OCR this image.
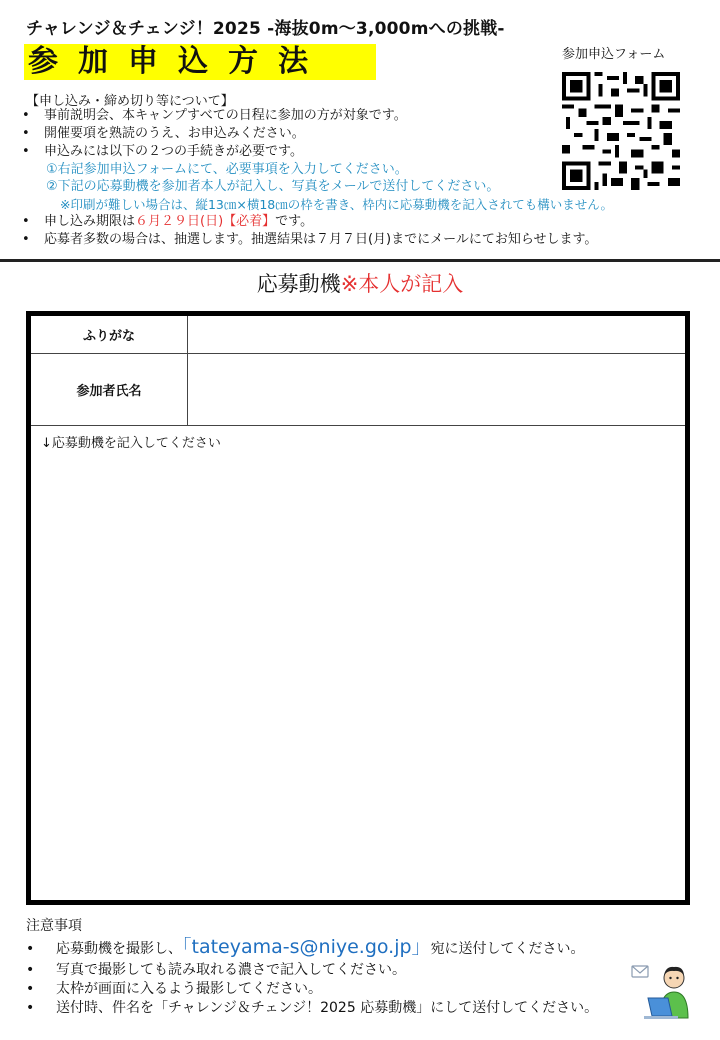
チャレンジ＆チェンジ！2025 -海抜0m～3,000mへの挑戦-
参加申込方法	参加申込フォーム
【申し込み・締め切り等について】
• 事前説明会、本キャンプすべての日程に参加の方が対象です。
• 開催要項を熟読のうえ、お申込みください。
• 申込みには以下の２つの手続きが必要です。
①右記参加申込フォームにて、必要事項を入力してください。
②下記の応募動機を参加者本人が記入し、写真をメールで送付してください。
※印刷が難しい場合は、縦13㎝×横18㎝の枠を書き、枠内に応募動機を記入されても構いません。
• 申し込み期限は６月２９日(日)【必着】です。
• 応募者多数の場合は、抽選します。抽選結果は７月７日(月)までにメールにてお知らせします。
応募動機※本人が記入
ふりがな
参加者氏名
↓応募動機を記入してください
注意事項
• 応募動機を撮影し、「tateyama-s@niye.go.jp」宛に送付してください。
• 写真で撮影しても読み取れる濃さで記入してください。
• 太枠が画面に入るよう撮影してください。
• 送付時、件名を「チャレンジ＆チェンジ！2025 応募動機」にして送付してください。
